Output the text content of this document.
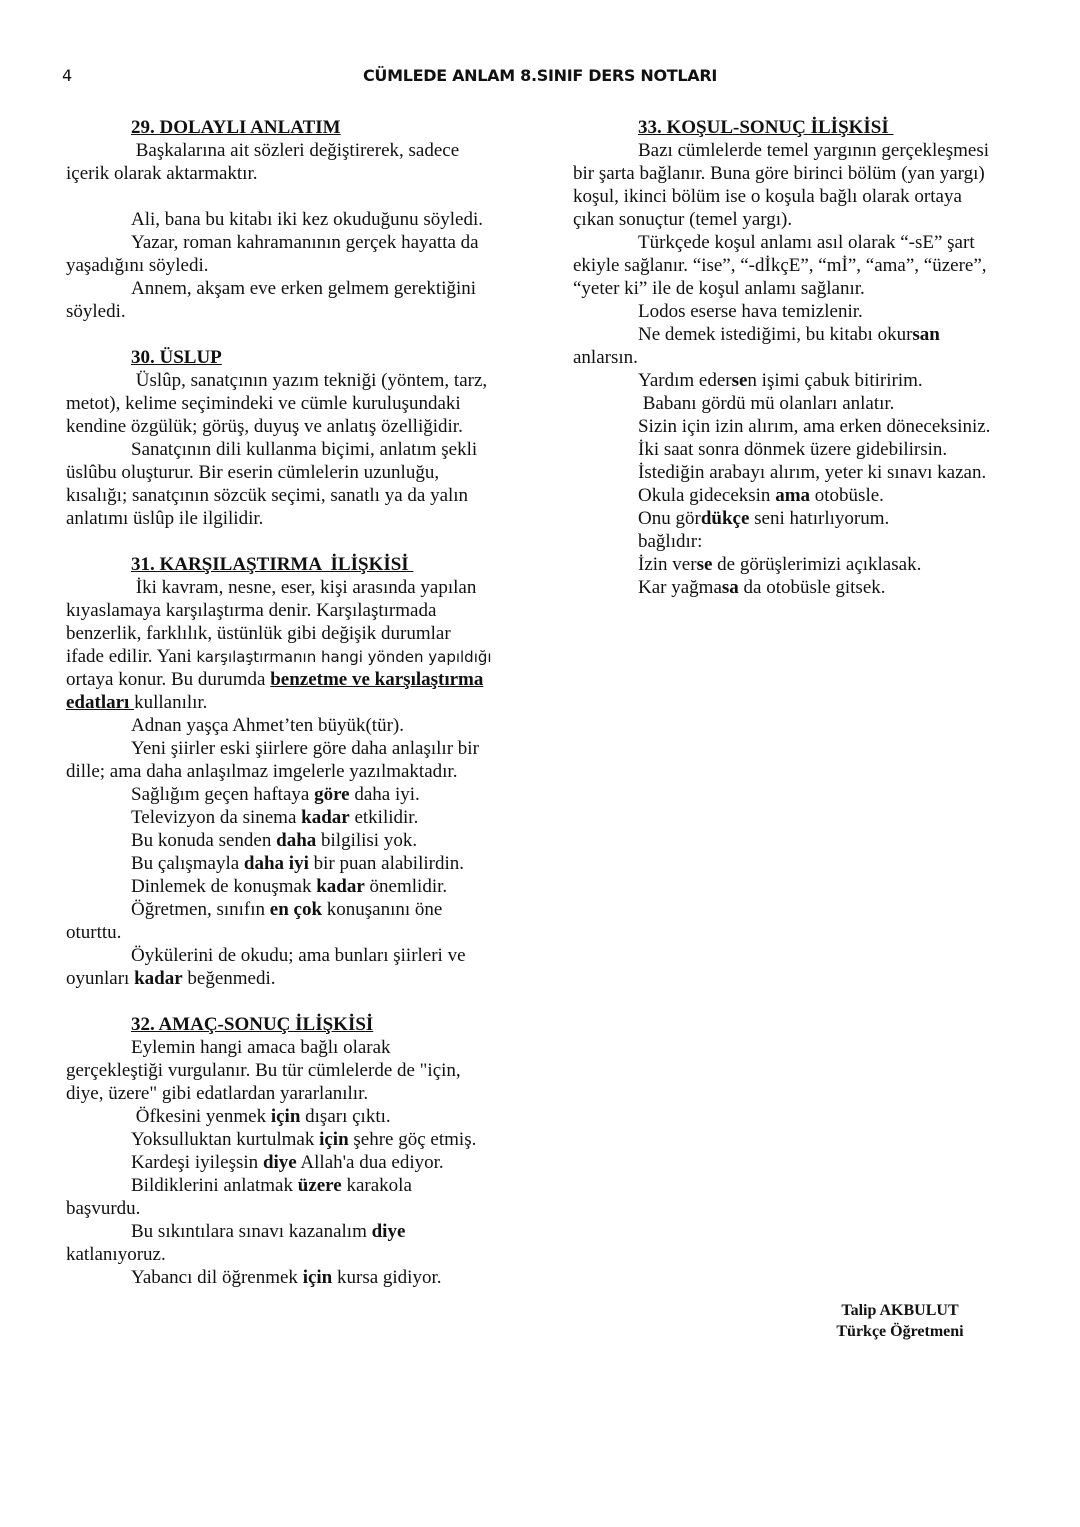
4	CÜMLEDE ANLAM 8.SINIF DERS NOTLARI
29. DOLAYLI ANLATIM
Başkalarına ait sözleri değiştirerek, sadece
içerik olarak aktarmaktır.
Ali, bana bu kitabı iki kez okuduğunu söyledi.
Yazar, roman kahramanının gerçek hayatta da
yaşadığını söyledi.
Annem, akşam eve erken gelmem gerektiğini
söyledi.
30. ÜSLUP
Üslûp, sanatçının yazım tekniği (yöntem, tarz,
metot), kelime seçimindeki ve cümle kuruluşundaki
kendine özgülük; görüş, duyuş ve anlatış özelliğidir.
Sanatçının dili kullanma biçimi, anlatım şekli
üslûbu oluşturur. Bir eserin cümlelerin uzunluğu,
kısalığı; sanatçının sözcük seçimi, sanatlı ya da yalın
anlatımı üslûp ile ilgilidir.
31. KARŞILAŞTIRMA  İLİŞKİSİ
İki kavram, nesne, eser, kişi arasında yapılan
kıyaslamaya karşılaştırma denir. Karşılaştırmada
benzerlik, farklılık, üstünlük gibi değişik durumlar
ifade edilir. Yani karşılaştırmanın hangi yönden yapıldığı
ortaya konur. Bu durumda benzetme ve karşılaştırma
edatları kullanılır.
Adnan yaşça Ahmet’ten büyük(tür).
Yeni şiirler eski şiirlere göre daha anlaşılır bir
dille; ama daha anlaşılmaz imgelerle yazılmaktadır.
Sağlığım geçen haftaya göre daha iyi.
Televizyon da sinema kadar etkilidir.
Bu konuda senden daha bilgilisi yok.
Bu çalışmayla daha iyi bir puan alabilirdin.
Dinlemek de konuşmak kadar önemlidir.
Öğretmen, sınıfın en çok konuşanını öne
oturttu.
Öykülerini de okudu; ama bunları şiirleri ve
oyunları kadar beğenmedi.
32. AMAÇ-SONUÇ İLİŞKİSİ
Eylemin hangi amaca bağlı olarak
gerçekleştiği vurgulanır. Bu tür cümlelerde de "için,
diye, üzere" gibi edatlardan yararlanılır.
Öfkesini yenmek için dışarı çıktı.
Yoksulluktan kurtulmak için şehre göç etmiş.
Kardeşi iyileşsin diye Allah'a dua ediyor.
Bildiklerini anlatmak üzere karakola
başvurdu.
Bu sıkıntılara sınavı kazanalım diye
katlanıyoruz.
Yabancı dil öğrenmek için kursa gidiyor.
33. KOŞUL-SONUÇ İLİŞKİSİ
Bazı cümlelerde temel yargının gerçekleşmesi
bir şarta bağlanır. Buna göre birinci bölüm (yan yargı)
koşul, ikinci bölüm ise o koşula bağlı olarak ortaya
çıkan sonuçtur (temel yargı).
Türkçede koşul anlamı asıl olarak “-sE” şart
ekiyle sağlanır. “ise”, “-dİkçE”, “mİ”, “ama”, “üzere”,
“yeter ki” ile de koşul anlamı sağlanır.
Lodos eserse hava temizlenir.
Ne demek istediğimi, bu kitabı okursan
anlarsın.
Yardım edersen işimi çabuk bitiririm.
Babanı gördü mü olanları anlatır.
Sizin için izin alırım, ama erken döneceksiniz.
İki saat sonra dönmek üzere gidebilirsin.
İstediğin arabayı alırım, yeter ki sınavı kazan.
Okula gideceksin ama otobüsle.
Onu gördükçe seni hatırlıyorum.
bağlıdır:
İzin verse de görüşlerimizi açıklasak.
Kar yağmasa da otobüsle gitsek.
Talip AKBULUT
Türkçe Öğretmeni
